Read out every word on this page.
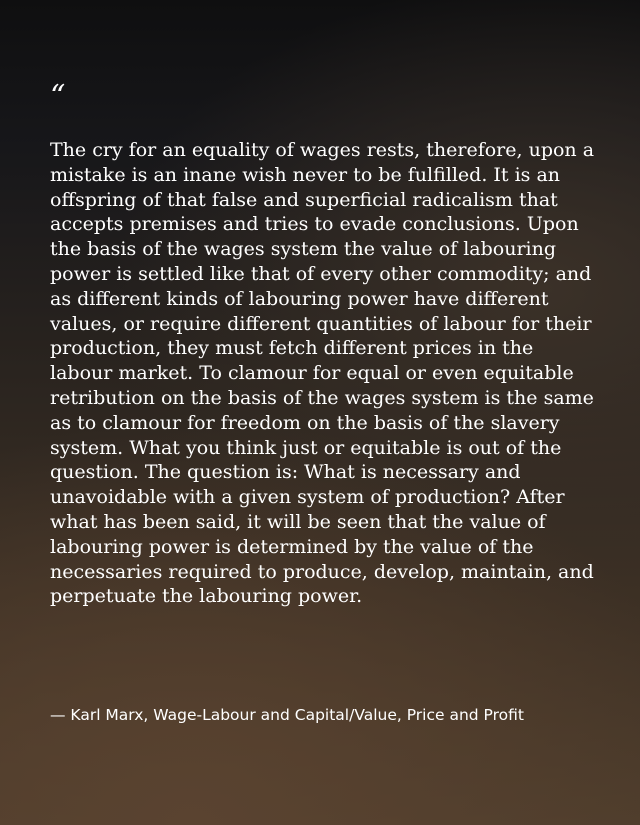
“

The cry for an equality of wages rests, therefore, upon a mistake is an inane wish never to be fulfilled. It is an offspring of that false and superficial radicalism that accepts premises and tries to evade conclusions. Upon the basis of the wages system the value of labouring power is settled like that of every other commodity; and as different kinds of labouring power have different values, or require different quantities of labour for their production, they must fetch different prices in the labour market. To clamour for equal or even equitable retribution on the basis of the wages system is the same as to clamour for freedom on the basis of the slavery system. What you think just or equitable is out of the question. The question is: What is necessary and unavoidable with a given system of production? After what has been said, it will be seen that the value of labouring power is determined by the value of the necessaries required to produce, develop, maintain, and perpetuate the labouring power.

— Karl Marx, Wage-Labour and Capital/Value, Price and Profit
